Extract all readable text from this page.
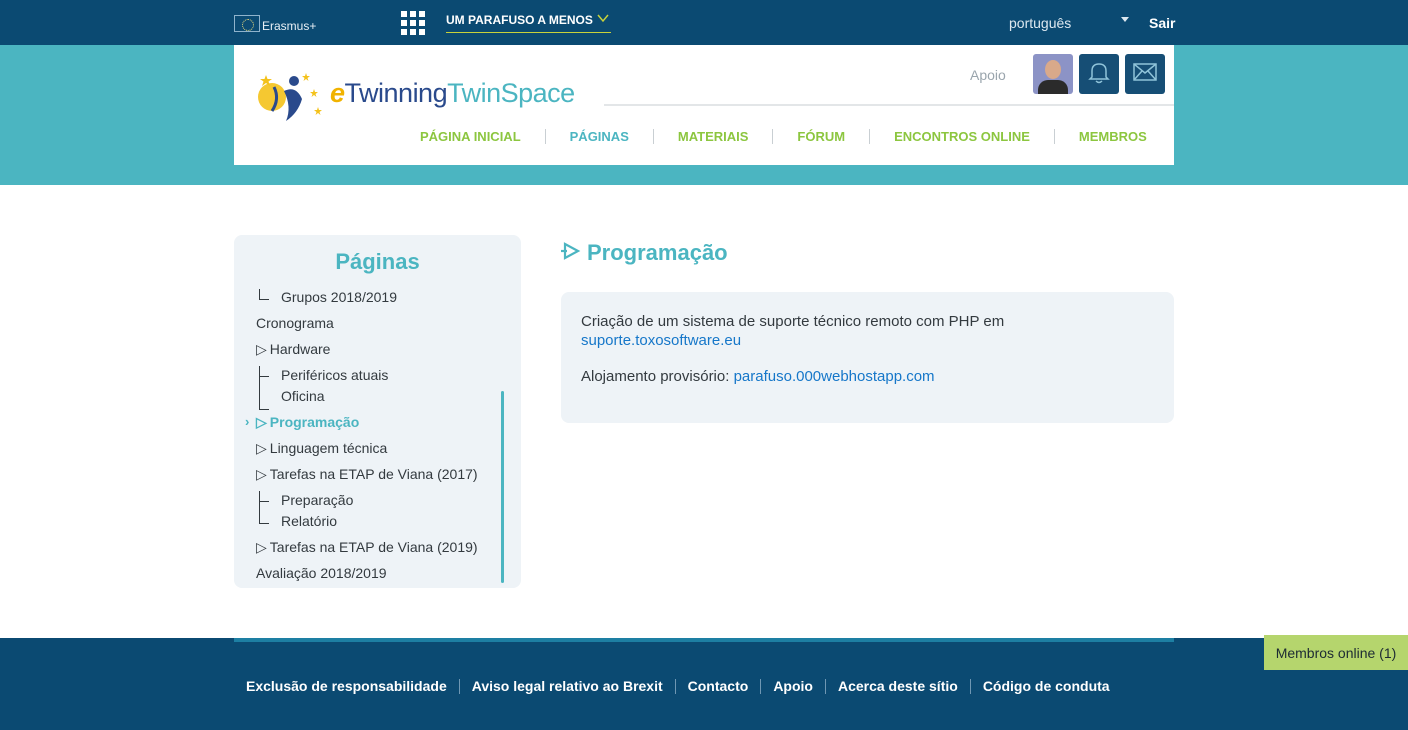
Erasmus+	UM PARAFUSO A MENOS	português	Sair
eTwinningTwinSpace
Apoio
PÁGINA INICIAL	PÁGINAS	MATERIAIS	FÓRUM	ENCONTROS ONLINE	MEMBROS
Páginas
Grupos 2018/2019
Cronograma
▷ Hardware
Periféricos atuais
Oficina
› ▷ Programação
▷ Linguagem técnica
▷ Tarefas na ETAP de Viana (2017)
Preparação
Relatório
▷ Tarefas na ETAP de Viana (2019)
Avaliação 2018/2019
Programação

Criação de um sistema de suporte técnico remoto com PHP em
suporte.toxosoftware.eu

Alojamento provisório: parafuso.000webhostapp.com

Exclusão de responsabilidade Aviso legal relativo ao Brexit Contacto Apoio Acerca deste sítio Código de conduta
Membros online (1)
